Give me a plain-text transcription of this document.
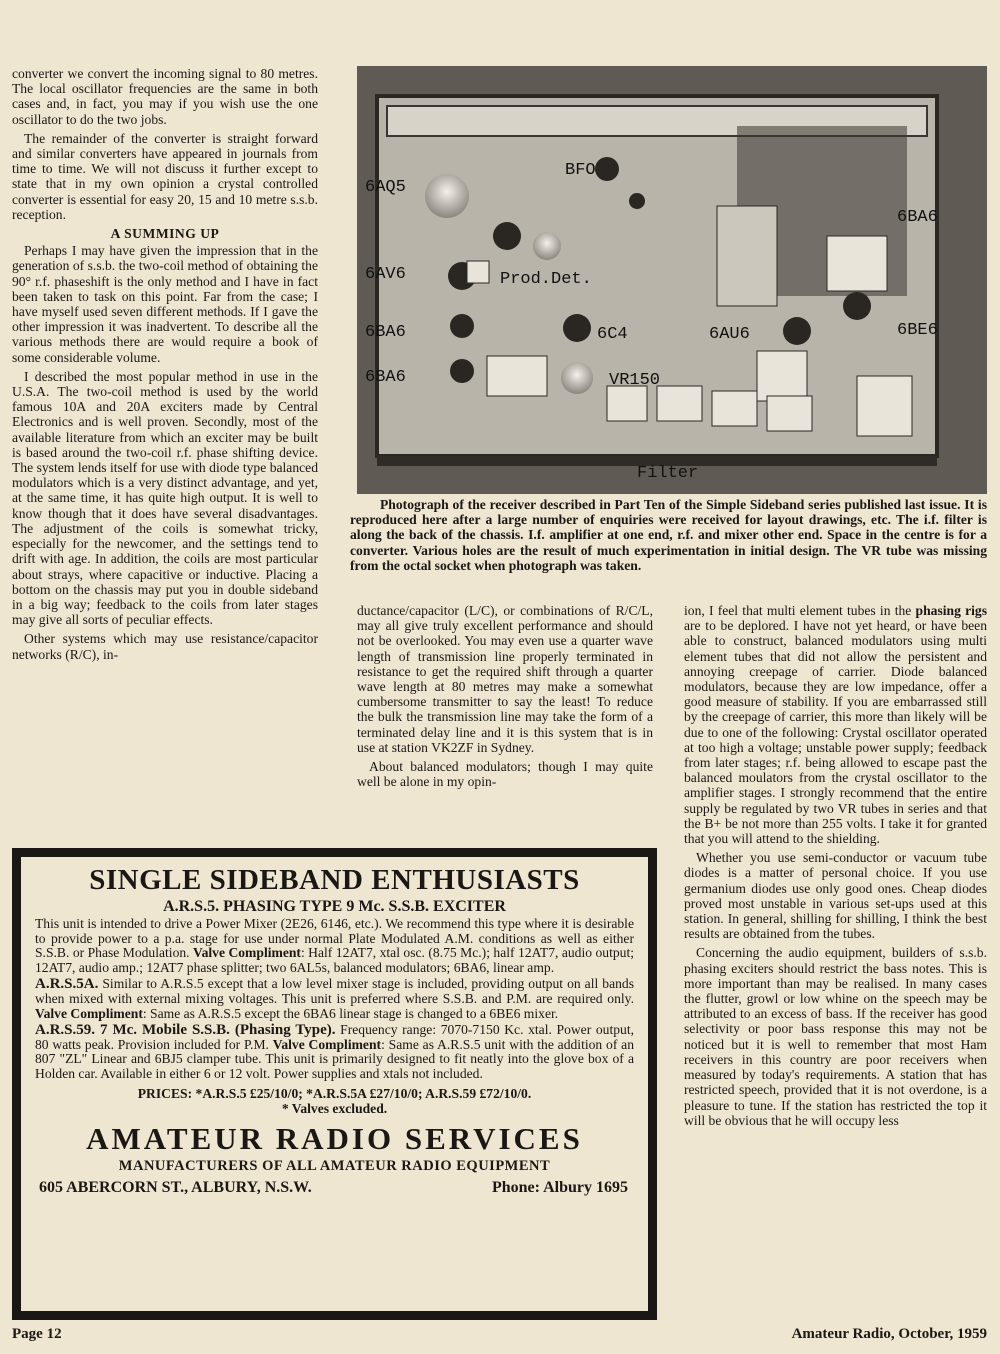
converter we convert the incoming signal to 80 metres. The local oscillator frequencies are the same in both cases and, in fact, you may if you wish use the one oscillator to do the two jobs.

The remainder of the converter is straight forward and similar converters have appeared in journals from time to time. We will not discuss it further except to state that in my own opinion a crystal controlled converter is essential for easy 20, 15 and 10 metre s.s.b. reception.

A SUMMING UP

Perhaps I may have given the impression that in the generation of s.s.b. the two-coil method of obtaining the 90° r.f. phaseshift is the only method and I have in fact been taken to task on this point. Far from the case; I have myself used seven different methods. If I gave the other impression it was inadvertent. To describe all the various methods there are would require a book of some considerable volume.

I described the most popular method in use in the U.S.A. The two-coil method is used by the world famous 10A and 20A exciters made by Central Electronics and is well proven. Secondly, most of the available literature from which an exciter may be built is based around the two-coil r.f. phase shifting device. The system lends itself for use with diode type balanced modulators which is a very distinct advantage, and yet, at the same time, it has quite high output. It is well to know though that it does have several disadvantages. The adjustment of the coils is somewhat tricky, especially for the newcomer, and the settings tend to drift with age. In addition, the coils are most particular about strays, where capacitive or inductive. Placing a bottom on the chassis may put you in double sideband in a big way; feedback to the coils from later stages may give all sorts of peculiar effects.

Other systems which may use resistance/capacitor networks (R/C), in-

6AQ5
BFO
6BA6
6AV6	Prod.Det.
6BA6	6C4	6AU6	6BE6
6BA6	VR150
Filter

Photograph of the receiver described in Part Ten of the Simple Sideband series published last issue. It is reproduced here after a large number of enquiries were received for layout drawings, etc. The i.f. filter is along the back of the chassis. I.f. amplifier at one end, r.f. and mixer other end. Space in the centre is for a converter. Various holes are the result of much experimentation in initial design. The VR tube was missing from the octal socket when photograph was taken.

ductance/capacitor (L/C), or combinations of R/C/L, may all give truly excellent performance and should not be overlooked. You may even use a quarter wave length of transmission line properly terminated in resistance to get the required shift through a quarter wave length at 80 metres may make a somewhat cumbersome transmitter to say the least! To reduce the bulk the transmission line may take the form of a terminated delay line and it is this system that is in use at station VK2ZF in Sydney.

About balanced modulators; though I may quite well be alone in my opin-

ion, I feel that multi element tubes in the phasing rigs are to be deplored. I have not yet heard, or have been able to construct, balanced modulators using multi element tubes that did not allow the persistent and annoying creepage of carrier. Diode balanced modulators, because they are low impedance, offer a good measure of stability. If you are embarrassed still by the creepage of carrier, this more than likely will be due to one of the following: Crystal oscillator operated at too high a voltage; unstable power supply; feedback from later stages; r.f. being allowed to escape past the balanced moulators from the crystal oscillator to the amplifier stages. I strongly recommend that the entire supply be regulated by two VR tubes in series and that the B+ be not more than 255 volts. I take it for granted that you will attend to the shielding.

Whether you use semi-conductor or vacuum tube diodes is a matter of personal choice. If you use germanium diodes use only good ones. Cheap diodes proved most unstable in various set-ups used at this station. In general, shilling for shilling, I think the best results are obtained from the tubes.

Concerning the audio equipment, builders of s.s.b. phasing exciters should restrict the bass notes. This is more important than may be realised. In many cases the flutter, growl or low whine on the speech may be attributed to an excess of bass. If the receiver has good selectivity or poor bass response this may not be noticed but it is well to remember that most Ham receivers in this country are poor receivers when measured by today's requirements. A station that has restricted speech, provided that it is not overdone, is a pleasure to tune. If the station has restricted the top it will be obvious that he will occupy less

SINGLE SIDEBAND ENTHUSIASTS
A.R.S.5. PHASING TYPE 9 Mc. S.S.B. EXCITER

This unit is intended to drive a Power Mixer (2E26, 6146, etc.). We recommend this type where it is desirable to provide power to a p.a. stage for use under normal Plate Modulated A.M. conditions as well as either S.S.B. or Phase Modulation. Valve Compliment: Half 12AT7, xtal osc. (8.75 Mc.); half 12AT7, audio output; 12AT7, audio amp.; 12AT7 phase splitter; two 6AL5s, balanced modulators; 6BA6, linear amp.

A.R.S.5A. Similar to A.R.S.5 except that a low level mixer stage is included, providing output on all bands when mixed with external mixing voltages. This unit is preferred where S.S.B. and P.M. are required only. Valve Compliment: Same as A.R.S.5 except the 6BA6 linear stage is changed to a 6BE6 mixer.

A.R.S.59. 7 Mc. Mobile S.S.B. (Phasing Type). Frequency range: 7070-7150 Kc. xtal. Power output, 80 watts peak. Provision included for P.M. Valve Compliment: Same as A.R.S.5 unit with the addition of an 807 "ZL" Linear and 6BJ5 clamper tube. This unit is primarily designed to fit neatly into the glove box of a Holden car. Available in either 6 or 12 volt. Power supplies and xtals not included.

PRICES: *A.R.S.5 £25/10/0; *A.R.S.5A £27/10/0; A.R.S.59 £72/10/0.
* Valves excluded.
AMATEUR RADIO SERVICES
MANUFACTURERS OF ALL AMATEUR RADIO EQUIPMENT
605 ABERCORN ST., ALBURY, N.S.W.	Phone: Albury 1695
Page 12	Amateur Radio, October, 1959
